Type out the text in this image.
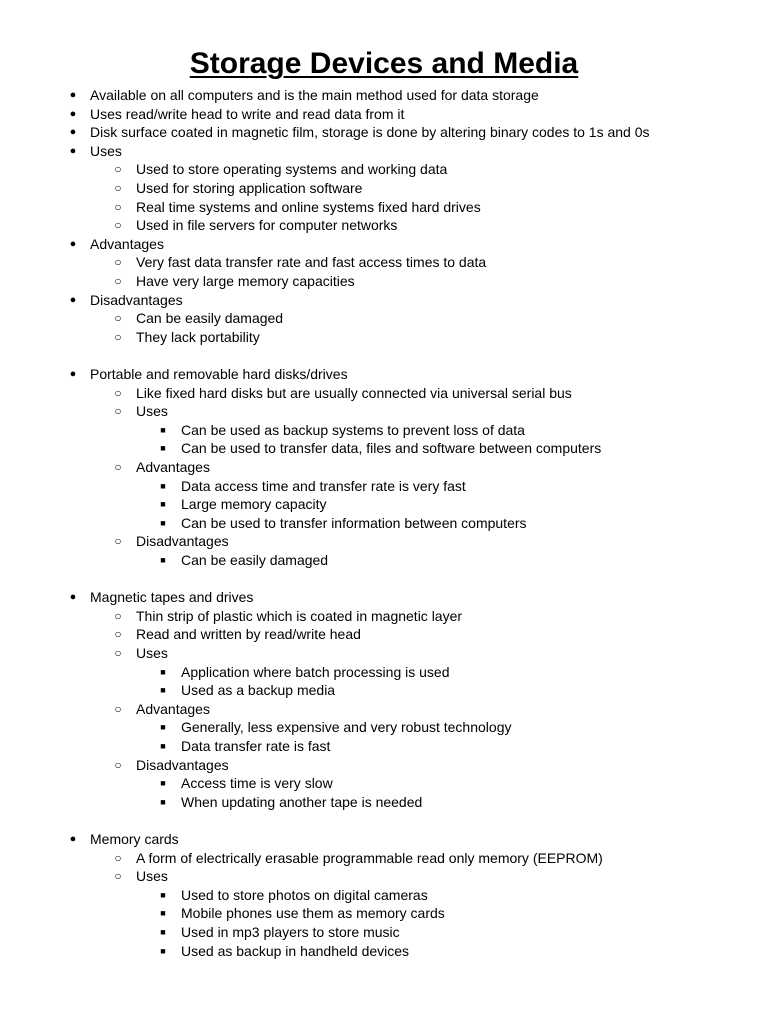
Storage Devices and Media
● Available on all computers and is the main method used for data storage
● Uses read/write head to write and read data from it
● Disk surface coated in magnetic film, storage is done by altering binary codes to 1s and 0s
● Uses
○ Used to store operating systems and working data
○ Used for storing application software
○ Real time systems and online systems fixed hard drives
○ Used in file servers for computer networks
● Advantages
○ Very fast data transfer rate and fast access times to data
○ Have very large memory capacities
● Disadvantages
○ Can be easily damaged
○ They lack portability
● Portable and removable hard disks/drives
○ Like fixed hard disks but are usually connected via universal serial bus
○ Uses
■	Can be used as backup systems to prevent loss of data
■	Can be used to transfer data, files and software between computers
○ Advantages
■	Data access time and transfer rate is very fast
■	Large memory capacity
■	Can be used to transfer information between computers
○ Disadvantages
■	Can be easily damaged
● Magnetic tapes and drives
○ Thin strip of plastic which is coated in magnetic layer
○ Read and written by read/write head
○ Uses
■	Application where batch processing is used
■	Used as a backup media
○ Advantages
■	Generally, less expensive and very robust technology
■	Data transfer rate is fast
○ Disadvantages
■	Access time is very slow
■	When updating another tape is needed
● Memory cards
○ A form of electrically erasable programmable read only memory (EEPROM)
○ Uses
■	Used to store photos on digital cameras
■	Mobile phones use them as memory cards
■	Used in mp3 players to store music
■	Used as backup in handheld devices
